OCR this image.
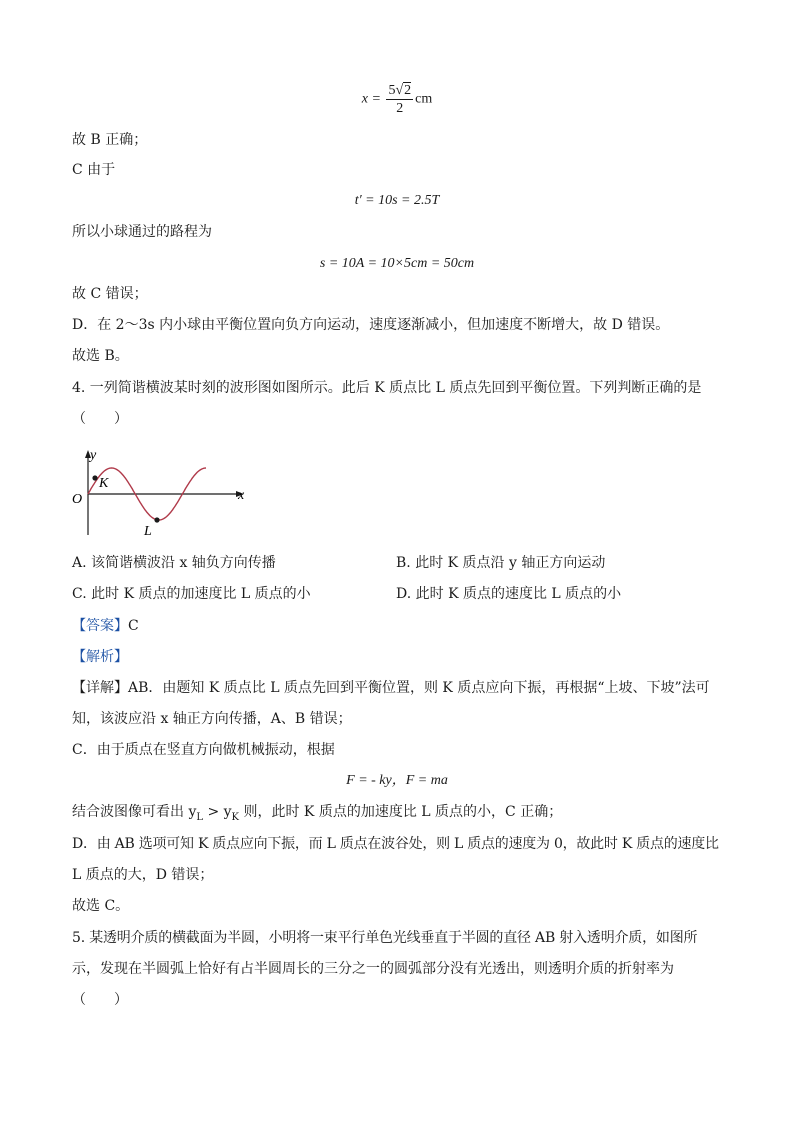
$x = \frac{5√2}{2}$ cm
故 B 正确；
C 由于
t′ = 10s = 2.5T
所以小球通过的路程为
s = 10A = 10×5cm = 50cm
故 C 错误；
D．在 2～3s 内小球由平衡位置向负方向运动，速度逐渐减小，但加速度不断增大，故 D 错误。
故选 B。
4. 一列简谐横波某时刻的波形图如图所示。此后 K 质点比 L 质点先回到平衡位置。下列判断正确的是
（　　）
y
x
O
K
L
A. 该简谐横波沿 x 轴负方向传播	B. 此时 K 质点沿 y 轴正方向运动
C. 此时 K 质点的加速度比 L 质点的小	D. 此时 K 质点的速度比 L 质点的小
【答案】C
【解析】
【详解】AB．由题知 K 质点比 L 质点先回到平衡位置，则 K 质点应向下振，再根据“上坡、下坡”法可
知，该波应沿 x 轴正方向传播，A、B 错误；
C．由于质点在竖直方向做机械振动，根据
F = - ky，F = ma
结合波图像可看出 $y_L > y_K$ 则，此时 K 质点的加速度比 L 质点的小，C 正确；
D．由 AB 选项可知 K 质点应向下振，而 L 质点在波谷处，则 L 质点的速度为 0，故此时 K 质点的速度比
L 质点的大，D 错误；
故选 C。
5. 某透明介质的横截面为半圆，小明将一束平行单色光线垂直于半圆的直径 AB 射入透明介质，如图所
示，发现在半圆弧上恰好有占半圆周长的三分之一的圆弧部分没有光透出，则透明介质的折射率为
（　　）
